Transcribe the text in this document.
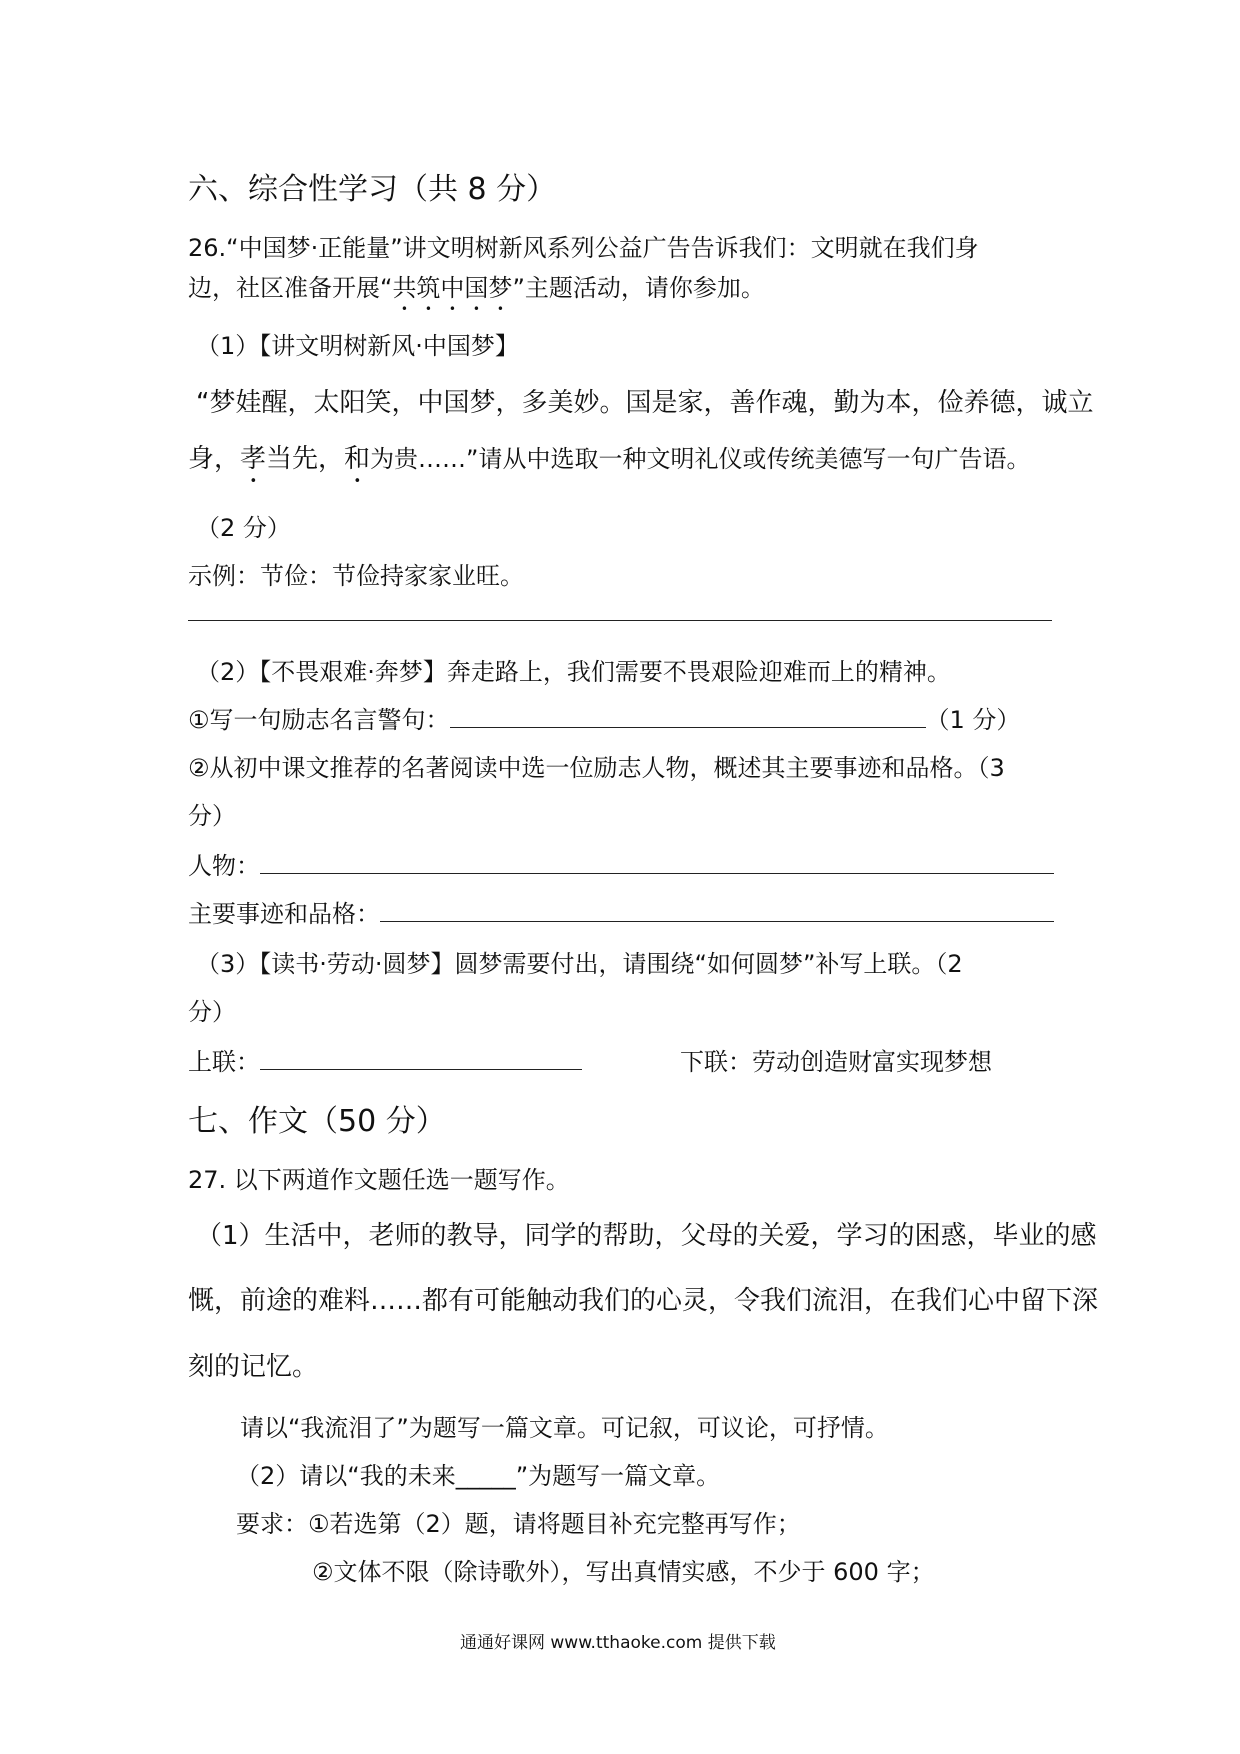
六、综合性学习（共 8 分）
26.“中国梦·正能量”讲文明树新风系列公益广告告诉我们：文明就在我们身
边，社区准备开展“共筑中国梦”主题活动，请你参加。
（1）【讲文明树新风·中国梦】
“梦娃醒，太阳笑，中国梦，多美妙。国是家，善作魂，勤为本，俭养德，诚立
身，孝当先，和为贵……”请从中选取一种文明礼仪或传统美德写一句广告语。
（2 分）
示例：节俭：节俭持家家业旺。
（2）【不畏艰难·奔梦】奔走路上，我们需要不畏艰险迎难而上的精神。
①写一句励志名言警句：	（1 分）
②从初中课文推荐的名著阅读中选一位励志人物，概述其主要事迹和品格。（3
分）
人物：
主要事迹和品格：
（3）【读书·劳动·圆梦】圆梦需要付出，请围绕“如何圆梦”补写上联。（2
分）
上联：	下联：劳动创造财富实现梦想
七、作文（50 分）
27. 以下两道作文题任选一题写作。
（1）生活中，老师的教导，同学的帮助，父母的关爱，学习的困惑，毕业的感
慨，前途的难料……都有可能触动我们的心灵，令我们流泪，在我们心中留下深
刻的记忆。
请以“我流泪了”为题写一篇文章。可记叙，可议论，可抒情。
（2）请以“我的未来_____”为题写一篇文章。
要求：①若选第（2）题，请将题目补充完整再写作；
②文体不限（除诗歌外），写出真情实感，不少于 600 字；
通通好课网 www.tthaoke.com 提供下载
